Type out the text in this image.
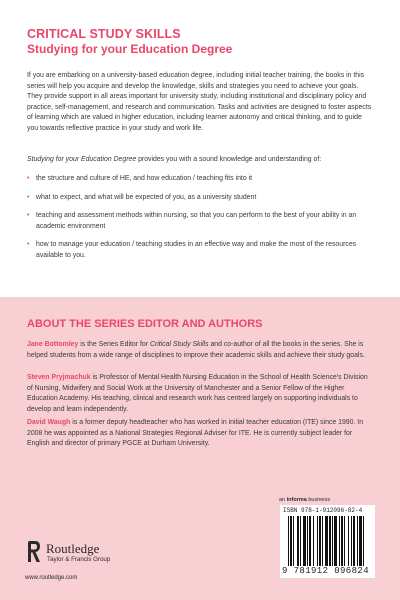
CRITICAL STUDY SKILLS
Studying for your Education Degree

If you are embarking on a university-based education degree, including initial teacher training, the books in this series will help you acquire and develop the knowledge, skills and strategies you need to achieve your goals. They provide support in all areas important for university study, including institutional and disciplinary policy and practice, self-management, and research and communication. Tasks and activities are designed to foster aspects of learning which are valued in higher education, including learner autonomy and critical thinking, and to guide you towards reflective practice in your study and work life.

Studying for your Education Degree provides you with a sound knowledge and understanding of:

• the structure and culture of HE, and how education / teaching fits into it
• what to expect, and what will be expected of you, as a university student
• teaching and assessment methods within nursing, so that you can perform to the best of your ability in an academic environment
• how to manage your education / teaching studies in an effective way and make the most of the resources available to you.
ABOUT THE SERIES EDITOR AND AUTHORS

Jane Bottomley is the Series Editor for Critical Study Skills and co-author of all the books in the series. She is helped students from a wide range of disciplines to improve their academic skills and achieve their study goals.

Steven Pryjmachuk is Professor of Mental Health Nursing Education in the School of Health Science's Division of Nursing, Midwifery and Social Work at the University of Manchester and a Senior Fellow of the Higher Education Academy. His teaching, clinical and research work has centred largely on supporting individuals to develop and learn independently.

David Waugh is a former deputy headteacher who has worked in initial teacher education (ITE) since 1990. In 2008 he was appointed as a National Strategies Regional Adviser for ITE. He is currently subject leader for English and director of primary PGCE at Durham University.

Routledge
Taylor & Francis Group
www.routledge.com
an informa business
ISBN 978-1-912096-82-4
9 781912 096824
